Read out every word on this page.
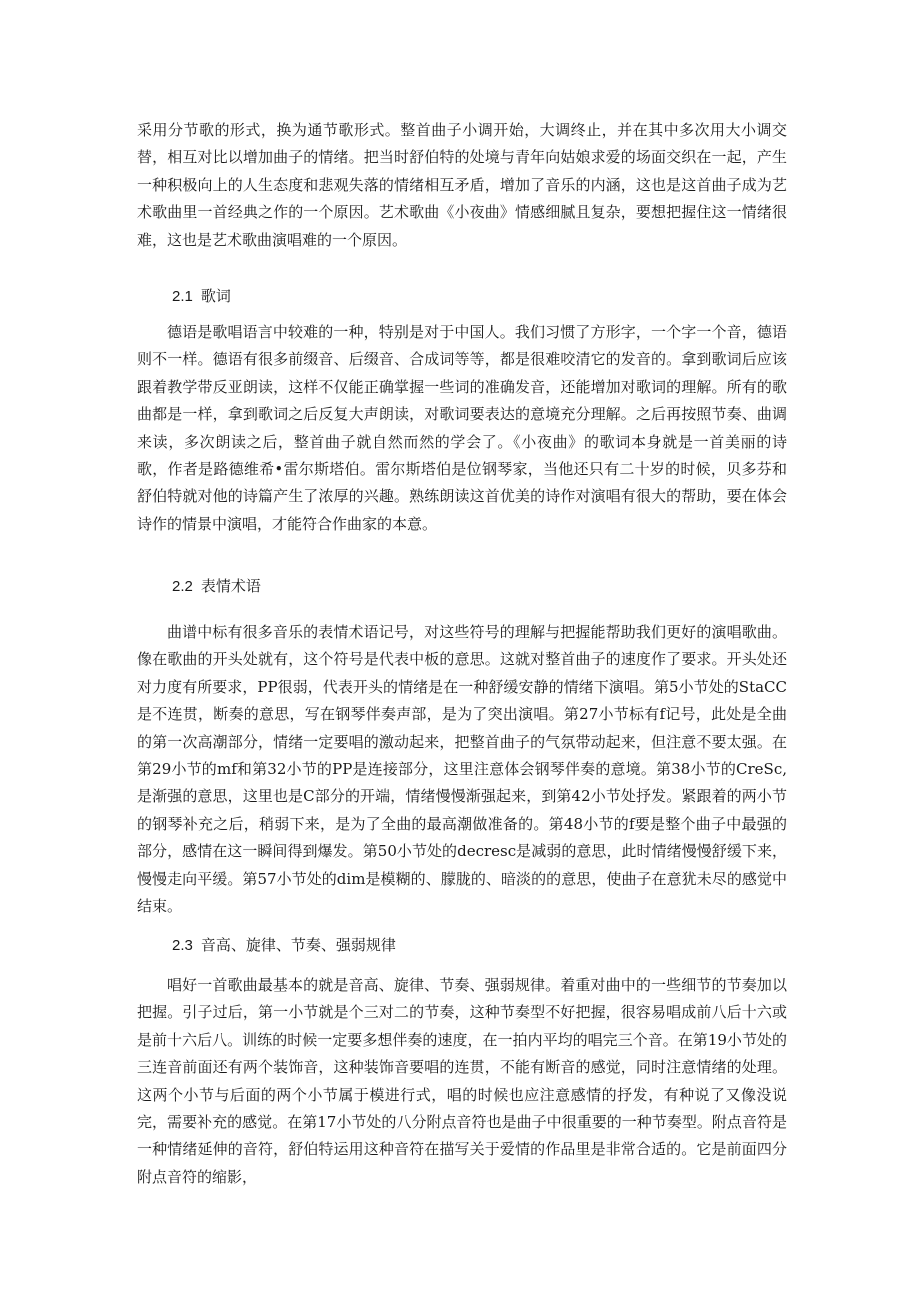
采用分节歌的形式，换为通节歌形式。整首曲子小调开始，大调终止，并在其中多次用大小调交替，相互对比以增加曲子的情绪。把当时舒伯特的处境与青年向姑娘求爱的场面交织在一起，产生一种积极向上的人生态度和悲观失落的情绪相互矛盾，增加了音乐的内涵，这也是这首曲子成为艺术歌曲里一首经典之作的一个原因。艺术歌曲《小夜曲》情感细腻且复杂，要想把握住这一情绪很难，这也是艺术歌曲演唱难的一个原因。

2.1 歌词

德语是歌唱语言中较难的一种，特别是对于中国人。我们习惯了方形字，一个字一个音，德语则不一样。德语有很多前缀音、后缀音、合成词等等，都是很难咬清它的发音的。拿到歌词后应该跟着教学带反亚朗读，这样不仅能正确掌握一些词的准确发音，还能增加对歌词的理解。所有的歌曲都是一样，拿到歌词之后反复大声朗读，对歌词要表达的意境充分理解。之后再按照节奏、曲调来读，多次朗读之后，整首曲子就自然而然的学会了。《小夜曲》的歌词本身就是一首美丽的诗歌，作者是路德维希•雷尔斯塔伯。雷尔斯塔伯是位钢琴家，当他还只有二十岁的时候，贝多芬和舒伯特就对他的诗篇产生了浓厚的兴趣。熟练朗读这首优美的诗作对演唱有很大的帮助，要在体会诗作的情景中演唱，才能符合作曲家的本意。

2.2 表情术语

曲谱中标有很多音乐的表情术语记号，对这些符号的理解与把握能帮助我们更好的演唱歌曲。像在歌曲的开头处就有，这个符号是代表中板的意思。这就对整首曲子的速度作了要求。开头处还对力度有所要求，PP很弱，代表开头的情绪是在一种舒缓安静的情绪下演唱。第5小节处的StaCC是不连贯，断奏的意思，写在钢琴伴奏声部，是为了突出演唱。第27小节标有f记号，此处是全曲的第一次高潮部分，情绪一定要唱的激动起来，把整首曲子的气氛带动起来，但注意不要太强。在第29小节的mf和第32小节的PP是连接部分，这里注意体会钢琴伴奏的意境。第38小节的CreSc,是渐强的意思，这里也是C部分的开端，情绪慢慢渐强起来，到第42小节处抒发。紧跟着的两小节的钢琴补充之后，稍弱下来，是为了全曲的最高潮做准备的。第48小节的f要是整个曲子中最强的部分，感情在这一瞬间得到爆发。第50小节处的decresc是减弱的意思，此时情绪慢慢舒缓下来，慢慢走向平缓。第57小节处的dim是模糊的、朦胧的、暗淡的的意思，使曲子在意犹未尽的感觉中结束。

2.3 音高、旋律、节奏、强弱规律

唱好一首歌曲最基本的就是音高、旋律、节奏、强弱规律。着重对曲中的一些细节的节奏加以把握。引子过后，第一小节就是个三对二的节奏，这种节奏型不好把握，很容易唱成前八后十六或是前十六后八。训练的时候一定要多想伴奏的速度，在一拍内平均的唱完三个音。在第19小节处的三连音前面还有两个装饰音，这种装饰音要唱的连贯，不能有断音的感觉，同时注意情绪的处理。这两个小节与后面的两个小节属于模进行式，唱的时候也应注意感情的抒发，有种说了又像没说完，需要补充的感觉。在第17小节处的八分附点音符也是曲子中很重要的一种节奏型。附点音符是一种情绪延伸的音符，舒伯特运用这种音符在描写关于爱情的作品里是非常合适的。它是前面四分附点音符的缩影，
